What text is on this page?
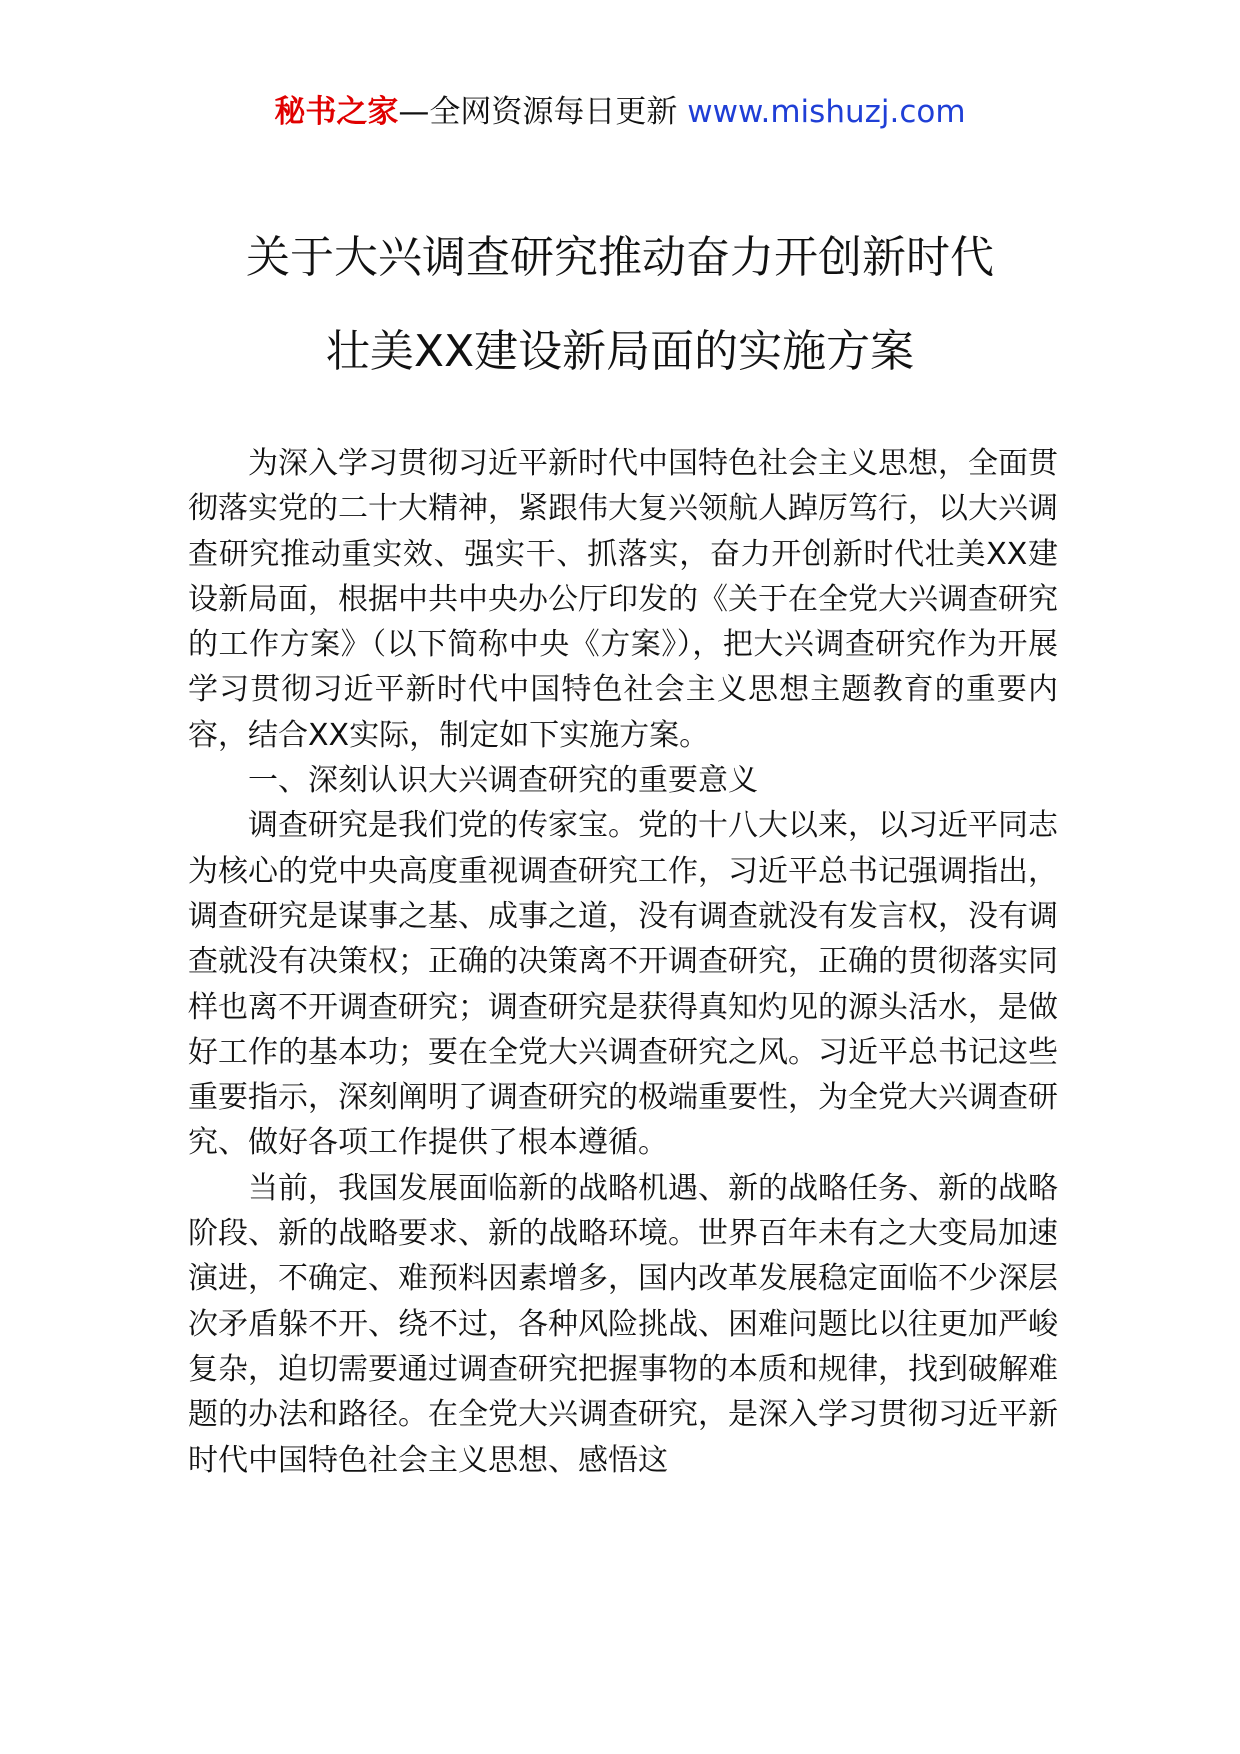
秘书之家—全网资源每日更新 www.mishuzj.com
关于大兴调查研究推动奋力开创新时代
壮美XX建设新局面的实施方案

为深入学习贯彻习近平新时代中国特色社会主义思想，全面贯彻落实党的二十大精神，紧跟伟大复兴领航人踔厉笃行，以大兴调查研究推动重实效、强实干、抓落实，奋力开创新时代壮美XX建设新局面，根据中共中央办公厅印发的《关于在全党大兴调查研究的工作方案》（以下简称中央《方案》），把大兴调查研究作为开展学习贯彻习近平新时代中国特色社会主义思想主题教育的重要内容，结合XX实际，制定如下实施方案。

一、深刻认识大兴调查研究的重要意义

调查研究是我们党的传家宝。党的十八大以来，以习近平同志为核心的党中央高度重视调查研究工作，习近平总书记强调指出，调查研究是谋事之基、成事之道，没有调查就没有发言权，没有调查就没有决策权；正确的决策离不开调查研究，正确的贯彻落实同样也离不开调查研究；调查研究是获得真知灼见的源头活水，是做好工作的基本功；要在全党大兴调查研究之风。习近平总书记这些重要指示，深刻阐明了调查研究的极端重要性，为全党大兴调查研究、做好各项工作提供了根本遵循。

当前，我国发展面临新的战略机遇、新的战略任务、新的战略阶段、新的战略要求、新的战略环境。世界百年未有之大变局加速演进，不确定、难预料因素增多，国内改革发展稳定面临不少深层次矛盾躲不开、绕不过，各种风险挑战、困难问题比以往更加严峻复杂，迫切需要通过调查研究把握事物的本质和规律，找到破解难题的办法和路径。在全党大兴调查研究，是深入学习贯彻习近平新时代中国特色社会主义思想、感悟这
